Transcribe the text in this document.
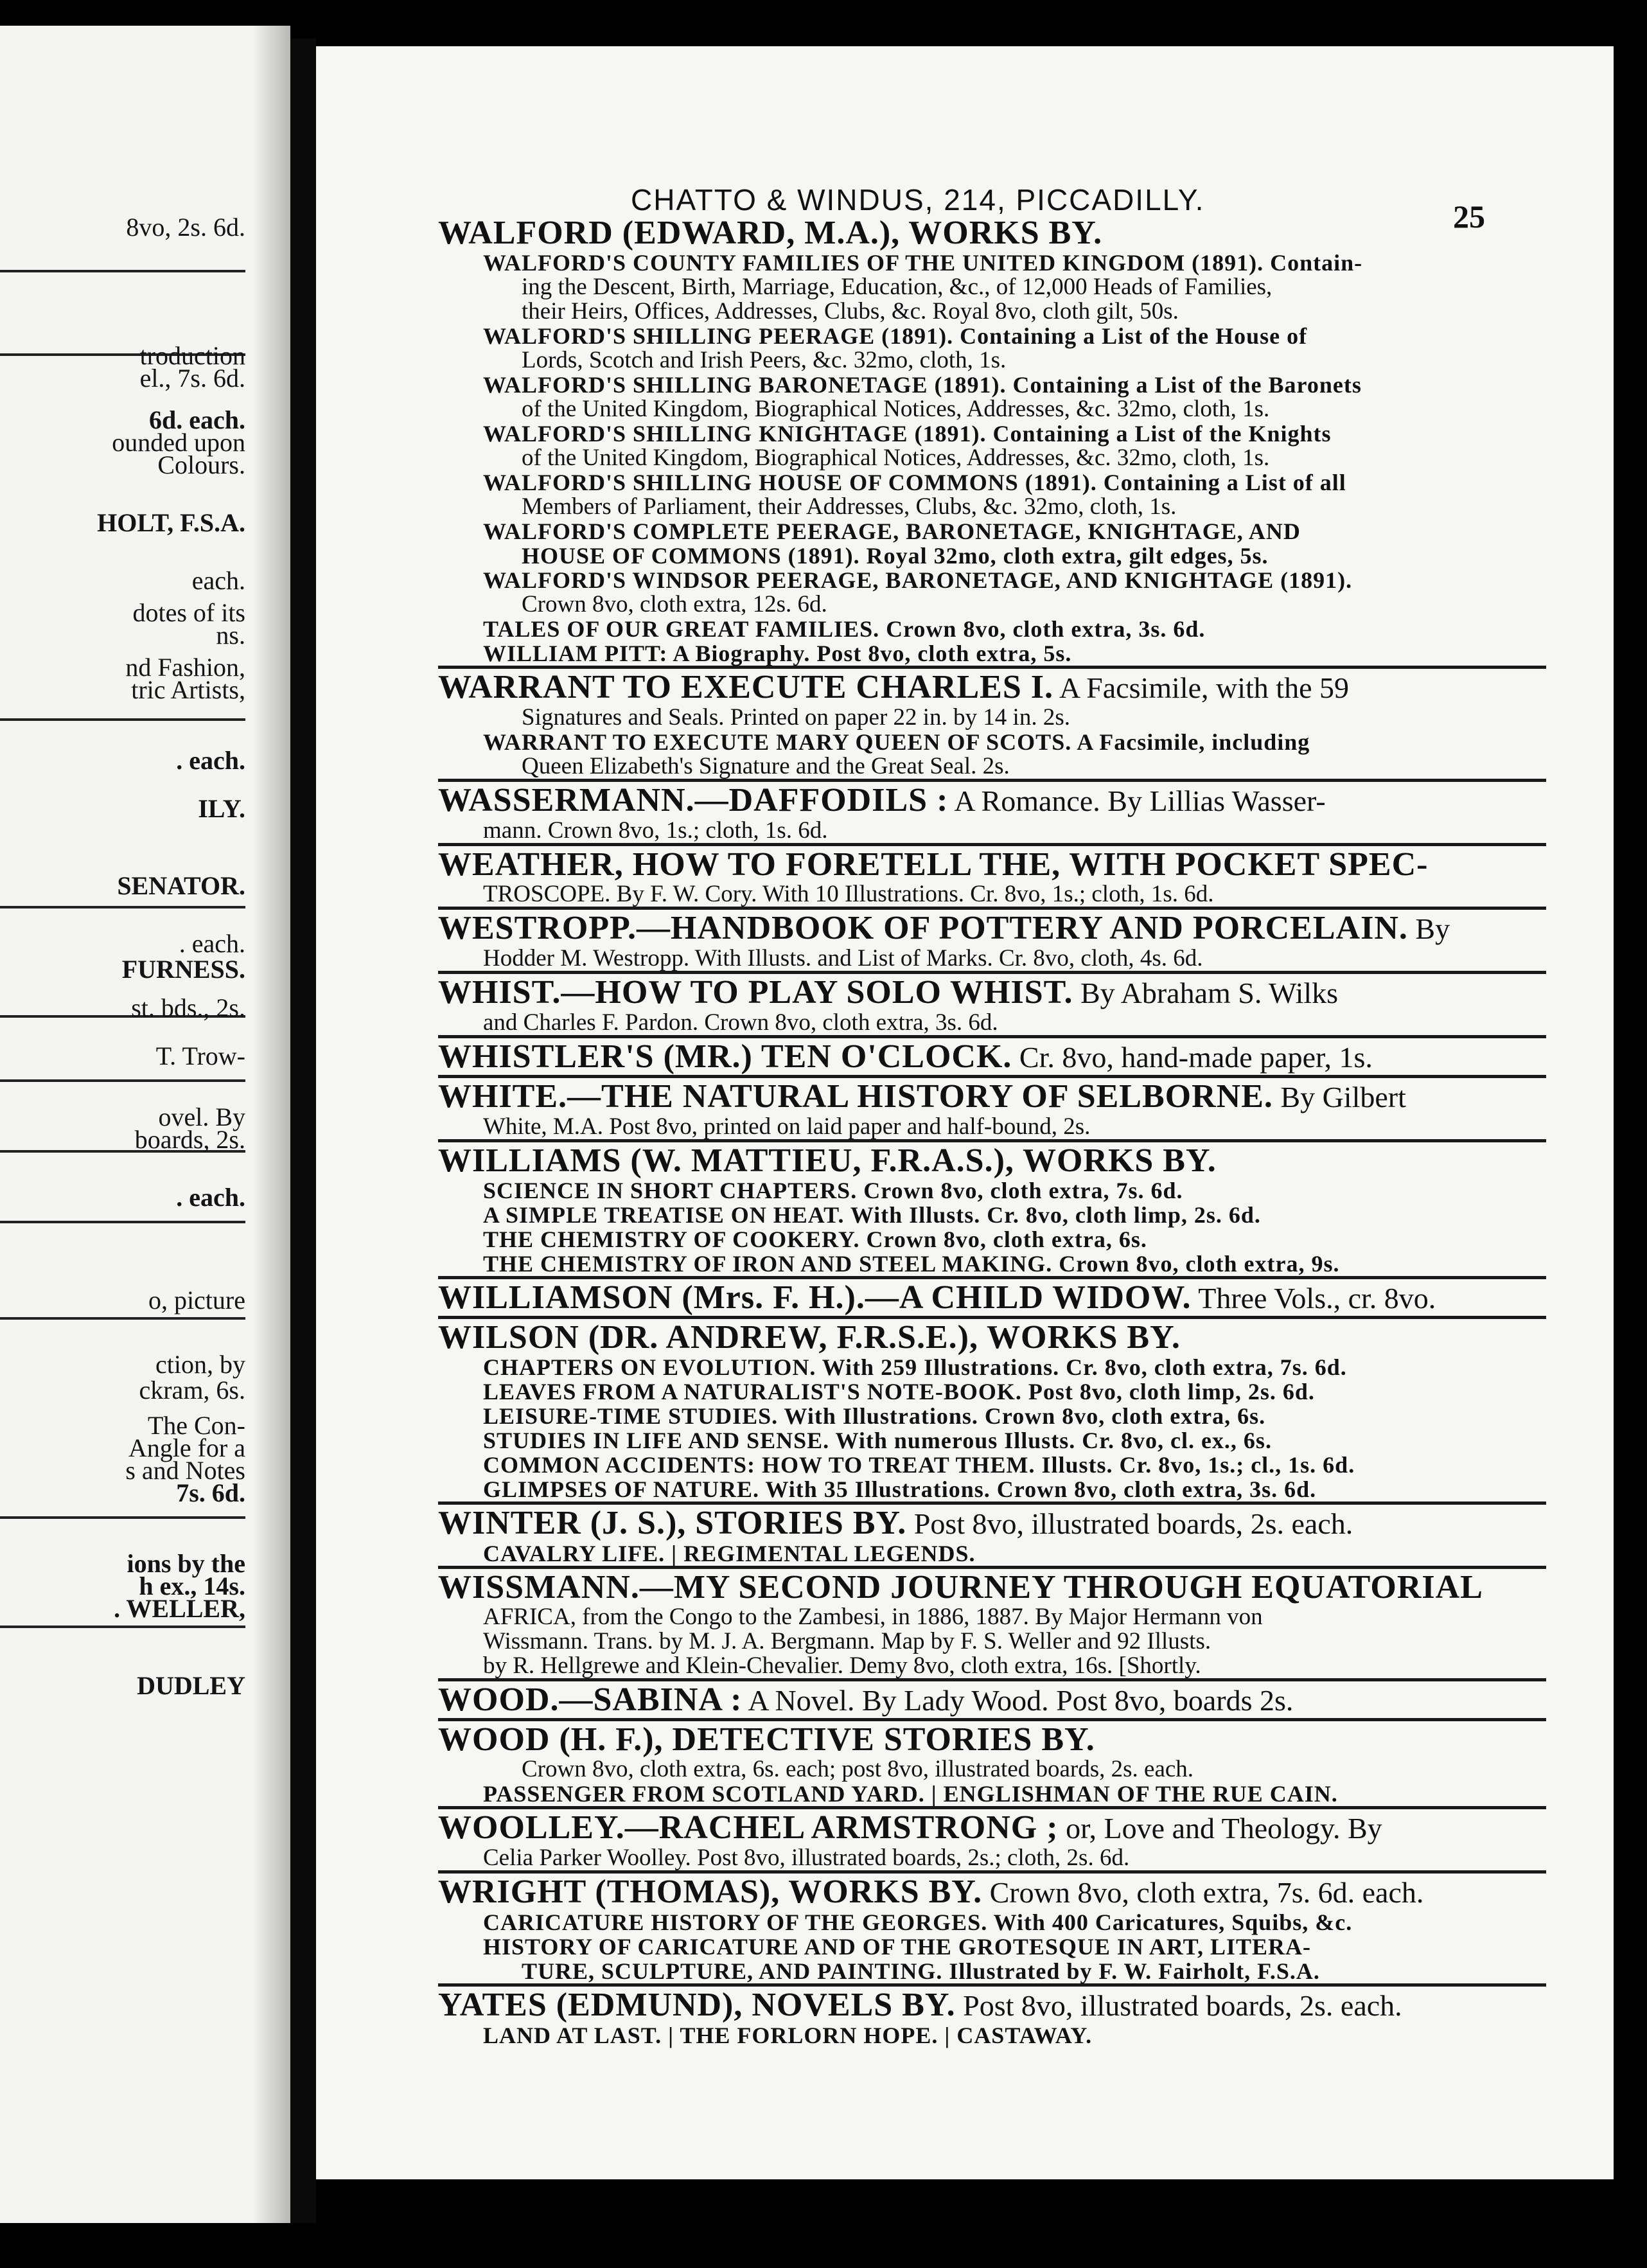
8vo, 2s. 6d.
troduction
el., 7s. 6d.
6d. each.
ounded upon
Colours.
HOLT, F.S.A.
each.
dotes of its
ns.
nd Fashion,
tric Artists,
. each.
ILY.
SENATOR.
. each.
FURNESS.
st. bds., 2s.
T. Trow-
ovel. By
boards, 2s.
. each.
o, picture
ction, by
ckram, 6s.
The Con-
Angle for a
s and Notes
7s. 6d.
ions by the
h ex., 14s.
. WELLER,
DUDLEY
CHATTO & WINDUS, 214, PICCADILLY.	25
WALFORD (EDWARD, M.A.), WORKS BY.
WALFORD'S COUNTY FAMILIES OF THE UNITED KINGDOM (1891). Contain-
ing the Descent, Birth, Marriage, Education, &c., of 12,000 Heads of Families,
their Heirs, Offices, Addresses, Clubs, &c. Royal 8vo, cloth gilt, 50s.
WALFORD'S SHILLING PEERAGE (1891). Containing a List of the House of
Lords, Scotch and Irish Peers, &c. 32mo, cloth, 1s.
WALFORD'S SHILLING BARONETAGE (1891). Containing a List of the Baronets
of the United Kingdom, Biographical Notices, Addresses, &c. 32mo, cloth, 1s.
WALFORD'S SHILLING KNIGHTAGE (1891). Containing a List of the Knights
of the United Kingdom, Biographical Notices, Addresses, &c. 32mo, cloth, 1s.
WALFORD'S SHILLING HOUSE OF COMMONS (1891). Containing a List of all
Members of Parliament, their Addresses, Clubs, &c. 32mo, cloth, 1s.
WALFORD'S COMPLETE PEERAGE, BARONETAGE, KNIGHTAGE, AND
HOUSE OF COMMONS (1891). Royal 32mo, cloth extra, gilt edges, 5s.
WALFORD'S WINDSOR PEERAGE, BARONETAGE, AND KNIGHTAGE (1891).
Crown 8vo, cloth extra, 12s. 6d.
TALES OF OUR GREAT FAMILIES. Crown 8vo, cloth extra, 3s. 6d.
WILLIAM PITT: A Biography. Post 8vo, cloth extra, 5s.
WARRANT TO EXECUTE CHARLES I. A Facsimile, with the 59
Signatures and Seals. Printed on paper 22 in. by 14 in. 2s.
WARRANT TO EXECUTE MARY QUEEN OF SCOTS. A Facsimile, including
Queen Elizabeth's Signature and the Great Seal. 2s.
WASSERMANN.—DAFFODILS : A Romance. By Lillias Wasser-
mann. Crown 8vo, 1s.; cloth, 1s. 6d.
WEATHER, HOW TO FORETELL THE, WITH POCKET SPEC-
TROSCOPE. By F. W. Cory. With 10 Illustrations. Cr. 8vo, 1s.; cloth, 1s. 6d.
WESTROPP.—HANDBOOK OF POTTERY AND PORCELAIN. By
Hodder M. Westropp. With Illusts. and List of Marks. Cr. 8vo, cloth, 4s. 6d.
WHIST.—HOW TO PLAY SOLO WHIST. By Abraham S. Wilks
and Charles F. Pardon. Crown 8vo, cloth extra, 3s. 6d.
WHISTLER'S (MR.) TEN O'CLOCK. Cr. 8vo, hand-made paper, 1s.
WHITE.—THE NATURAL HISTORY OF SELBORNE. By Gilbert
White, M.A. Post 8vo, printed on laid paper and half-bound, 2s.
WILLIAMS (W. MATTIEU, F.R.A.S.), WORKS BY.
SCIENCE IN SHORT CHAPTERS. Crown 8vo, cloth extra, 7s. 6d.
A SIMPLE TREATISE ON HEAT. With Illusts. Cr. 8vo, cloth limp, 2s. 6d.
THE CHEMISTRY OF COOKERY. Crown 8vo, cloth extra, 6s.
THE CHEMISTRY OF IRON AND STEEL MAKING. Crown 8vo, cloth extra, 9s.
WILLIAMSON (Mrs. F. H.).—A CHILD WIDOW. Three Vols., cr. 8vo.
WILSON (DR. ANDREW, F.R.S.E.), WORKS BY.
CHAPTERS ON EVOLUTION. With 259 Illustrations. Cr. 8vo, cloth extra, 7s. 6d.
LEAVES FROM A NATURALIST'S NOTE-BOOK. Post 8vo, cloth limp, 2s. 6d.
LEISURE-TIME STUDIES. With Illustrations. Crown 8vo, cloth extra, 6s.
STUDIES IN LIFE AND SENSE. With numerous Illusts. Cr. 8vo, cl. ex., 6s.
COMMON ACCIDENTS: HOW TO TREAT THEM. Illusts. Cr. 8vo, 1s.; cl., 1s. 6d.
GLIMPSES OF NATURE. With 35 Illustrations. Crown 8vo, cloth extra, 3s. 6d.
WINTER (J. S.), STORIES BY. Post 8vo, illustrated boards, 2s. each.
CAVALRY LIFE. | REGIMENTAL LEGENDS.
WISSMANN.—MY SECOND JOURNEY THROUGH EQUATORIAL
AFRICA, from the Congo to the Zambesi, in 1886, 1887. By Major Hermann von
Wissmann. Trans. by M. J. A. Bergmann. Map by F. S. Weller and 92 Illusts.
by R. Hellgrewe and Klein-Chevalier. Demy 8vo, cloth extra, 16s. [Shortly.
WOOD.—SABINA : A Novel. By Lady Wood. Post 8vo, boards 2s.
WOOD (H. F.), DETECTIVE STORIES BY.
Crown 8vo, cloth extra, 6s. each; post 8vo, illustrated boards, 2s. each.
PASSENGER FROM SCOTLAND YARD. | ENGLISHMAN OF THE RUE CAIN.
WOOLLEY.—RACHEL ARMSTRONG ; or, Love and Theology. By
Celia Parker Woolley. Post 8vo, illustrated boards, 2s.; cloth, 2s. 6d.
WRIGHT (THOMAS), WORKS BY. Crown 8vo, cloth extra, 7s. 6d. each.
CARICATURE HISTORY OF THE GEORGES. With 400 Caricatures, Squibs, &c.
HISTORY OF CARICATURE AND OF THE GROTESQUE IN ART, LITERA-
TURE, SCULPTURE, AND PAINTING. Illustrated by F. W. Fairholt, F.S.A.
YATES (EDMUND), NOVELS BY. Post 8vo, illustrated boards, 2s. each.
LAND AT LAST. | THE FORLORN HOPE. | CASTAWAY.
